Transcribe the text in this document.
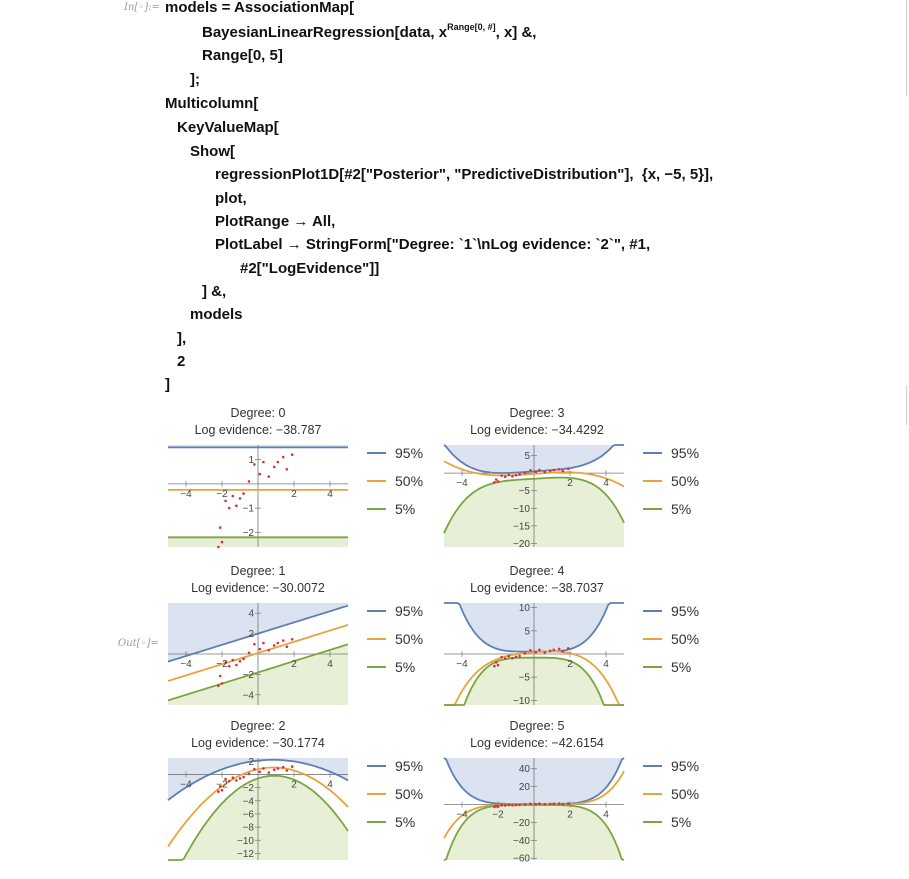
In[◦]:=
Out[◦]=
models = AssociationMap[
BayesianLinearRegression[data, $x^{Range[0, \#]}$, x] &,
Range[0, 5]
];
Multicolumn[
KeyValueMap[
Show[
regressionPlot1D[#2["Posterior", "PredictiveDistribution"],  {x, −5, 5}],
plot,
PlotRange → All,
PlotLabel → StringForm["Degree: `1`\nLog evidence: `2`", #1,
#2["LogEvidence"]]
] &,
models
],
2
]
Degree: 0
Log evidence: −38.787
−4 −2	2	4
1
−1
−2
95%
50%
5%
Degree: 1
Log evidence: −30.0072
−4 −2	2	4
4
2
−2
−4
95%
50%
5%
Degree: 2
Log evidence: −30.1774
−4 −2	2	4
2
−2
−4
−6
−8
−10
−12
95%
50%
5%
Degree: 3
Log evidence: −34.4292
−4	2	4
5
−5
−10
−15
−20
95%
50%
5%
Degree: 4
Log evidence: −38.7037
−4	2	4
10
5
−5
−10
95%
50%
5%
Degree: 5
Log evidence: −42.6154
−4 −2	2	4
40
20
−20
−40
−60
95%
50%
5%
